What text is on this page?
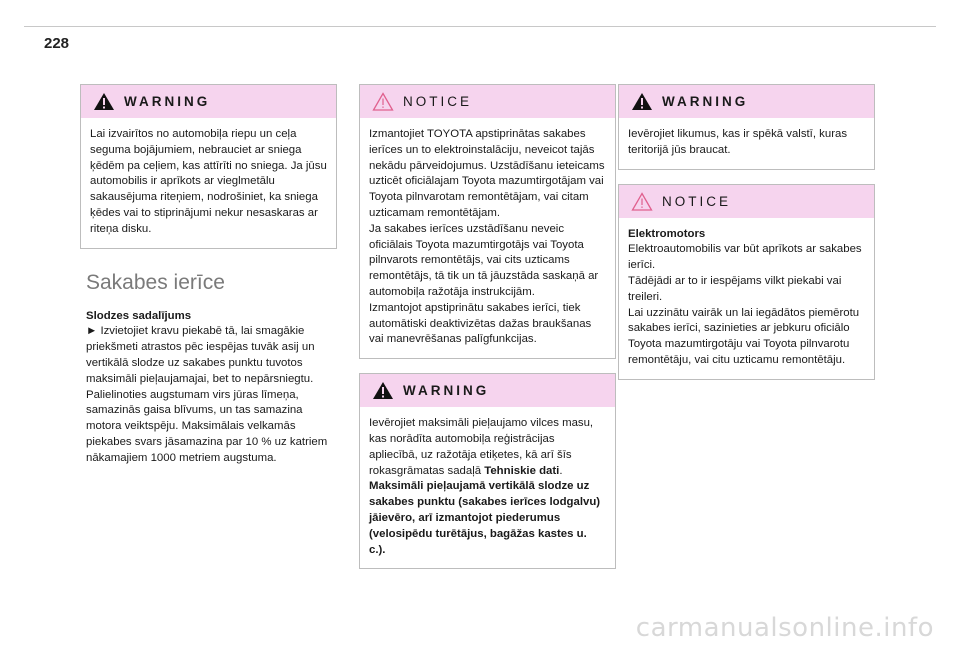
228
WARNING

Lai izvairītos no automobiļa riepu un ceļa seguma bojājumiem, nebrauciet ar sniega ķēdēm pa ceļiem, kas attīrīti no sniega. Ja jūsu automobilis ir aprīkots ar vieglmetālu sakausējuma riteņiem, nodrošiniet, ka sniega ķēdes vai to stiprinājumi nekur nesaskaras ar riteņa disku.

Sakabes ierīce

Slodzes sadalījums

► Izvietojiet kravu piekabē tā, lai smagākie priekšmeti atrastos pēc iespējas tuvāk asij un vertikālā slodze uz sakabes punktu tuvotos maksimāli pieļaujamajai, bet to nepārsniegtu. Palielinoties augstumam virs jūras līmeņa, samazinās gaisa blīvums, un tas samazina motora veiktspēju. Maksimālais velkamās piekabes svars jāsamazina par 10 % uz katriem nākamajiem 1000 metriem augstuma.

NOTICE

Izmantojiet TOYOTA apstiprinātas sakabes ierīces un to elektroinstalāciju, neveicot tajās nekādu pārveidojumus. Uzstādīšanu ieteicams uzticēt oficiālajam Toyota mazumtirgotājam vai Toyota pilnvarotam remontētājam, vai citam uzticamam remontētājam.

Ja sakabes ierīces uzstādīšanu neveic oficiālais Toyota mazumtirgotājs vai Toyota pilnvarots remontētājs, vai cits uzticams remontētājs, tā tik un tā jāuzstāda saskaņā ar automobiļa ražotāja instrukcijām.

Izmantojot apstiprinātu sakabes ierīci, tiek automātiski deaktivizētas dažas braukšanas vai manevrēšanas palīgfunkcijas.

WARNING

Ievērojiet maksimāli pieļaujamo vilces masu, kas norādīta automobiļa reģistrācijas apliecībā, uz ražotāja etiķetes, kā arī šīs rokasgrāmatas sadaļā Tehniskie dati.

Maksimāli pieļaujamā vertikālā slodze uz sakabes punktu (sakabes ierīces lodgalvu) jāievēro, arī izmantojot piederumus (velosipēdu turētājus, bagāžas kastes u. c.).

WARNING

Ievērojiet likumus, kas ir spēkā valstī, kuras teritorijā jūs braucat.

NOTICE

Elektromotors

Elektroautomobilis var būt aprīkots ar sakabes ierīci.

Tādējādi ar to ir iespējams vilkt piekabi vai treileri.

Lai uzzinātu vairāk un lai iegādātos piemērotu sakabes ierīci, sazinieties ar jebkuru oficiālo Toyota mazumtirgotāju vai Toyota pilnvarotu remontētāju, vai citu uzticamu remontētāju.

carmanualsonline.info
